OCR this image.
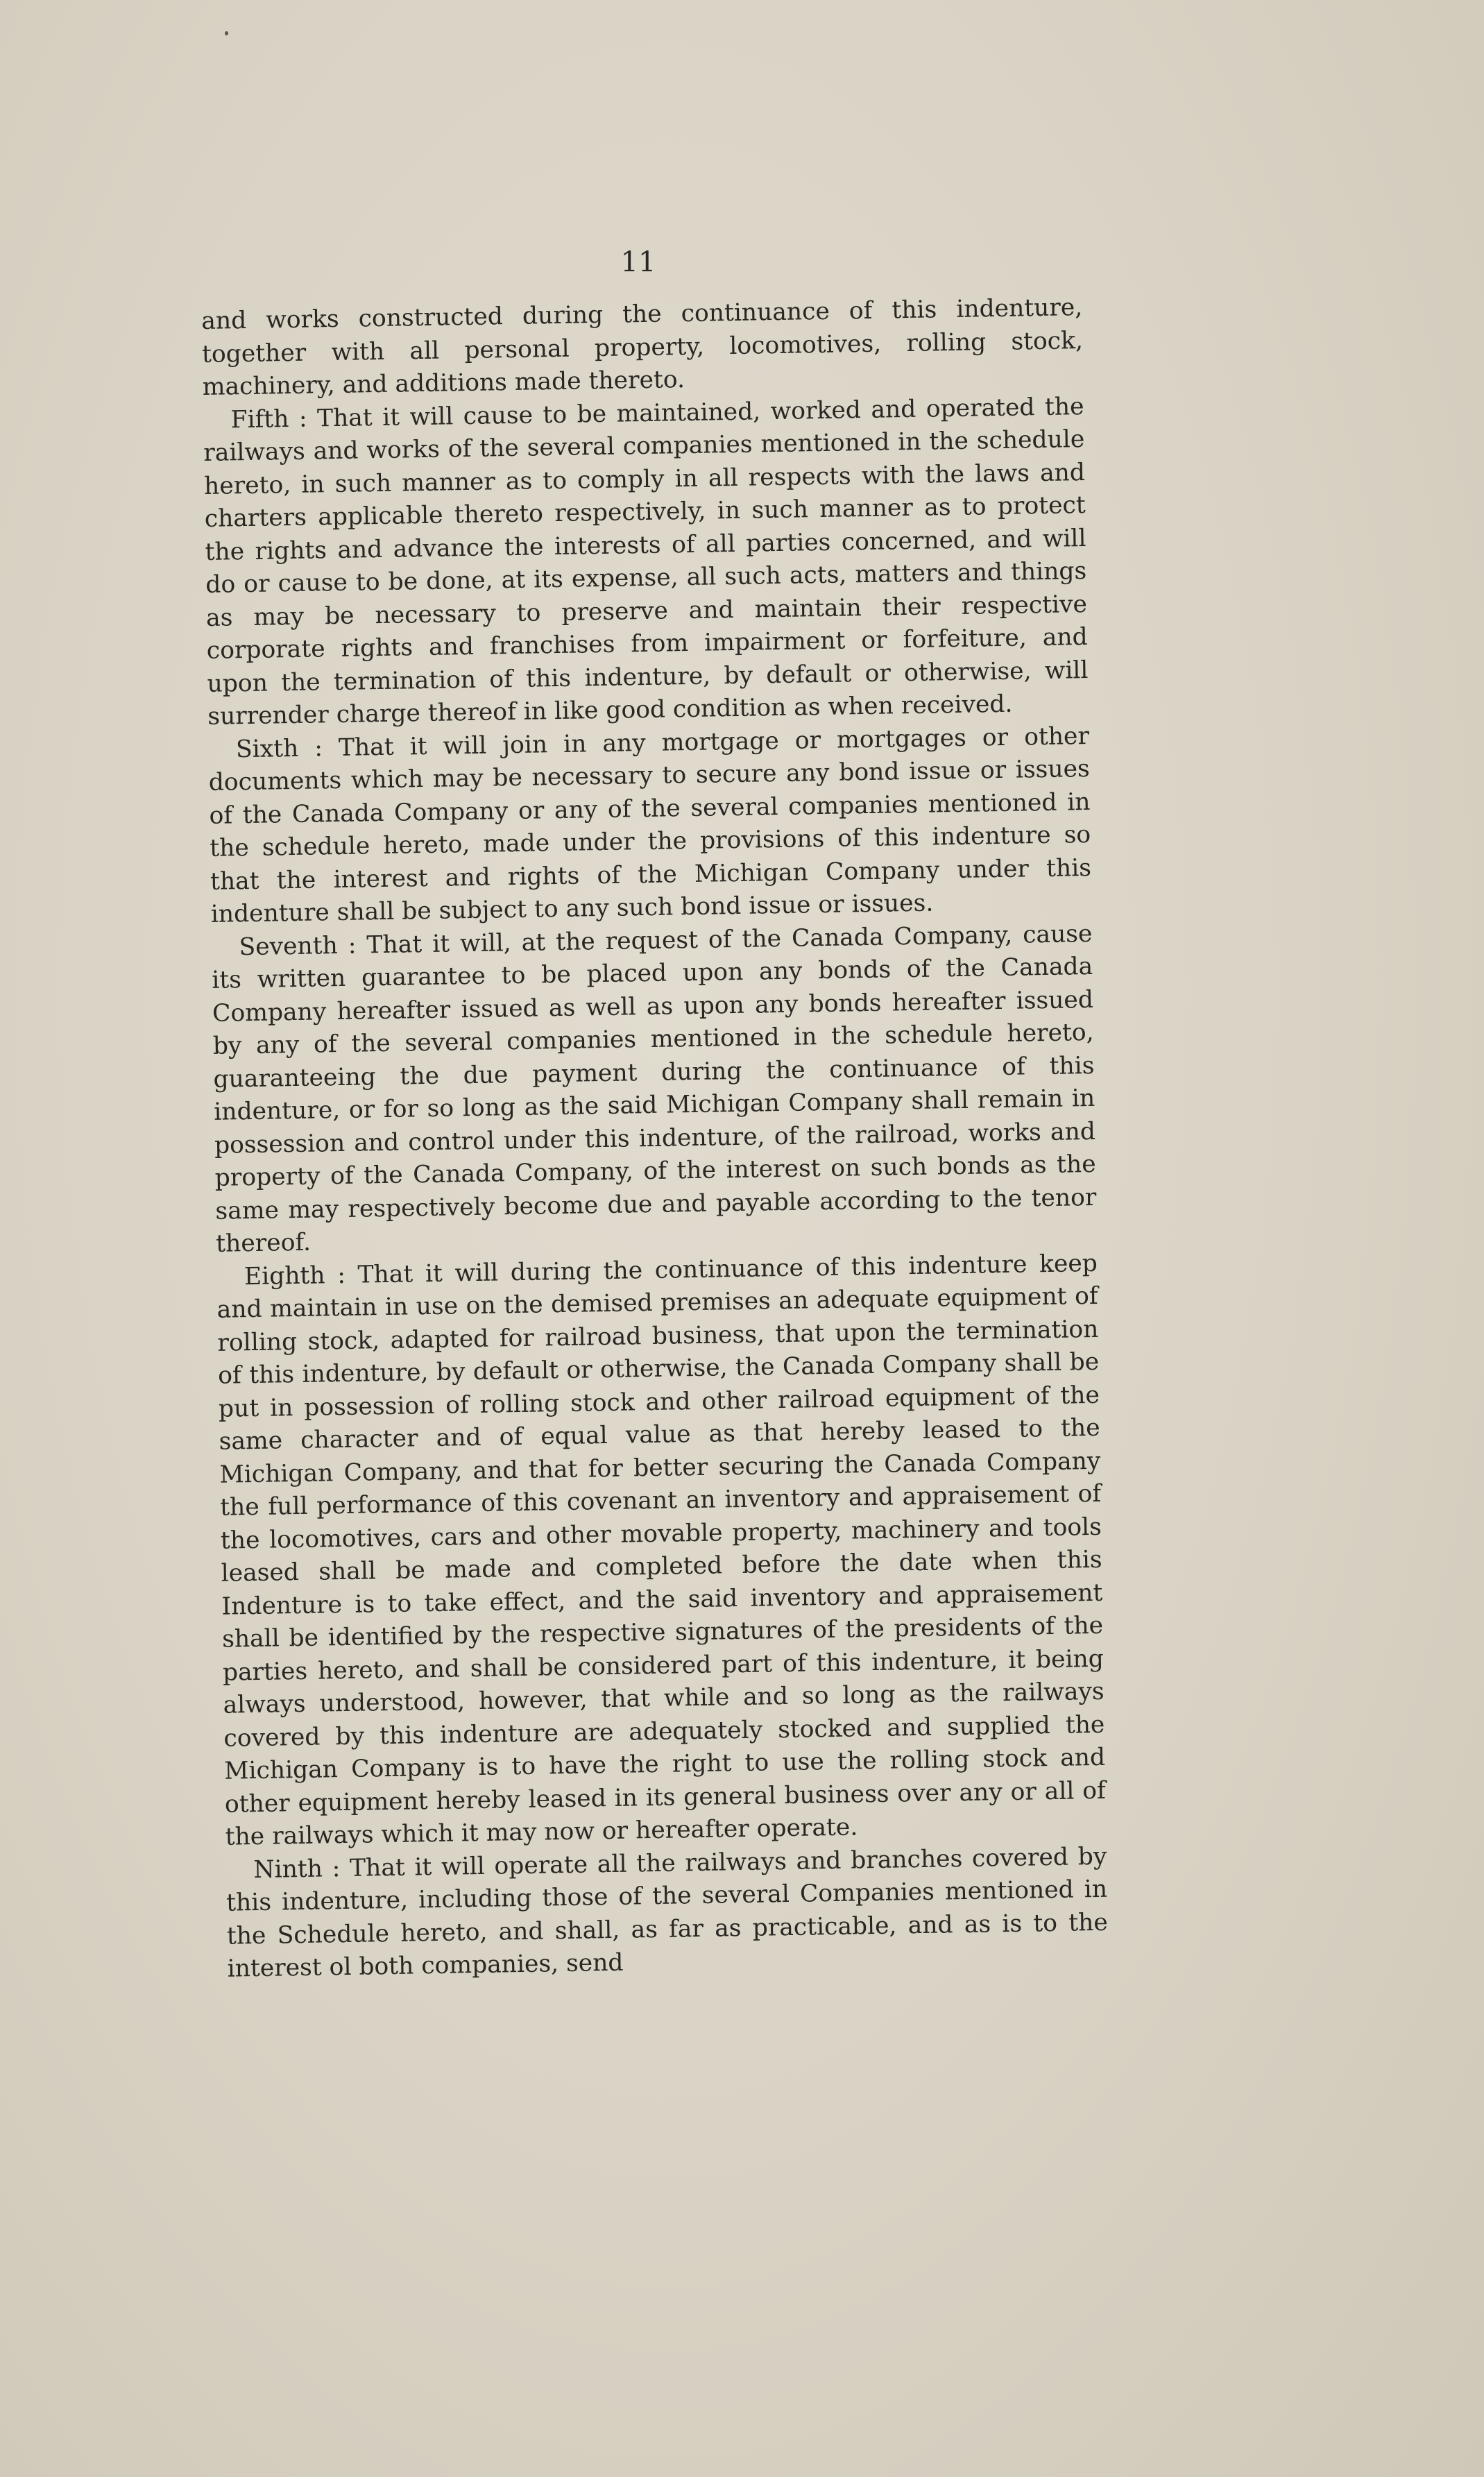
11

and works constructed during the continuance of this indenture, together with all personal property, locomotives, rolling stock, machinery, and additions made thereto.

Fifth : That it will cause to be maintained, worked and operated the railways and works of the several companies mentioned in the schedule hereto, in such manner as to comply in all respects with the laws and charters applicable thereto respectively, in such manner as to protect the rights and advance the interests of all parties concerned, and will do or cause to be done, at its expense, all such acts, matters and things as may be necessary to preserve and maintain their respective corporate rights and franchises from impairment or forfeiture, and upon the termination of this indenture, by default or otherwise, will surrender charge thereof in like good condition as when received.

Sixth : That it will join in any mortgage or mortgages or other documents which may be necessary to secure any bond issue or issues of the Canada Company or any of the several companies mentioned in the schedule hereto, made under the provisions of this indenture so that the interest and rights of the Michigan Company under this indenture shall be subject to any such bond issue or issues.

Seventh : That it will, at the request of the Canada Company, cause its written guarantee to be placed upon any bonds of the Canada Company hereafter issued as well as upon any bonds hereafter issued by any of the several companies mentioned in the schedule hereto, guaranteeing the due payment during the continuance of this indenture, or for so long as the said Michigan Company shall remain in possession and control under this indenture, of the railroad, works and property of the Canada Company, of the interest on such bonds as the same may respectively become due and payable according to the tenor thereof.

Eighth : That it will during the continuance of this indenture keep and maintain in use on the demised premises an adequate equipment of rolling stock, adapted for railroad business, that upon the termination of this indenture, by default or otherwise, the Canada Company shall be put in possession of rolling stock and other railroad equipment of the same character and of equal value as that hereby leased to the Michigan Company, and that for better securing the Canada Company the full performance of this covenant an inventory and appraisement of the locomotives, cars and other movable property, machinery and tools leased shall be made and completed before the date when this Indenture is to take effect, and the said inventory and appraisement shall be identified by the respective signatures of the presidents of the parties hereto, and shall be considered part of this indenture, it being always understood, however, that while and so long as the railways covered by this indenture are adequately stocked and supplied the Michigan Company is to have the right to use the rolling stock and other equipment hereby leased in its general business over any or all of the railways which it may now or hereafter operate.

Ninth : That it will operate all the railways and branches covered by this indenture, including those of the several Companies mentioned in the Schedule hereto, and shall, as far as practicable, and as is to the interest ol both companies, send
